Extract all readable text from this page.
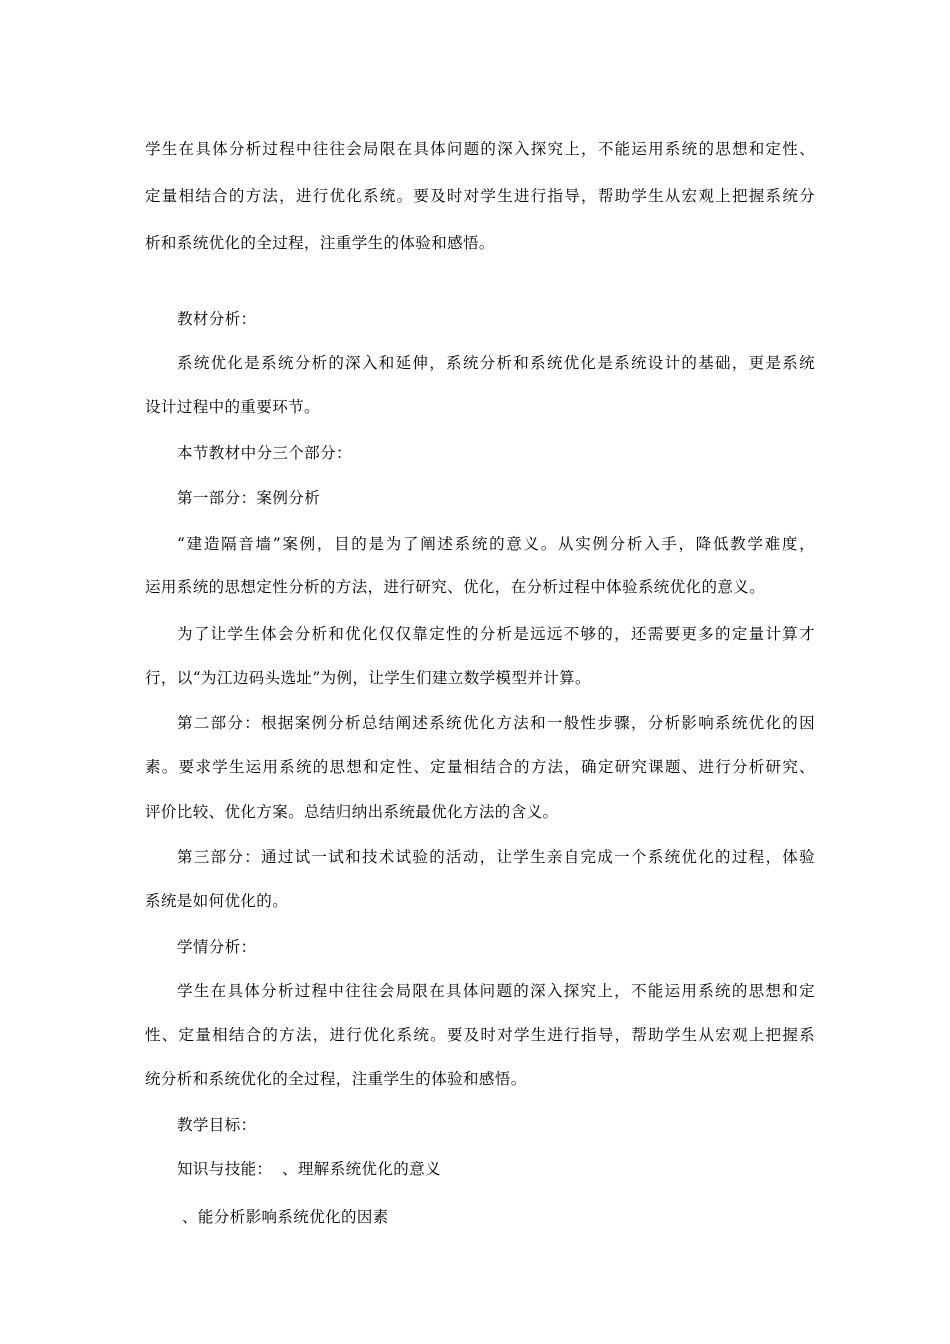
学生在具体分析过程中往往会局限在具体问题的深入探究上，不能运用系统的思想和定性、
定量相结合的方法，进行优化系统。要及时对学生进行指导，帮助学生从宏观上把握系统分
析和系统优化的全过程，注重学生的体验和感悟。
教材分析：
系统优化是系统分析的深入和延伸，系统分析和系统优化是系统设计的基础，更是系统
设计过程中的重要环节。
本节教材中分三个部分：
第一部分：案例分析
“建造隔音墙”案例，目的是为了阐述系统的意义。从实例分析入手，降低教学难度，
运用系统的思想定性分析的方法，进行研究、优化，在分析过程中体验系统优化的意义。
为了让学生体会分析和优化仅仅靠定性的分析是远远不够的，还需要更多的定量计算才
行，以“为江边码头选址”为例，让学生们建立数学模型并计算。
第二部分：根据案例分析总结阐述系统优化方法和一般性步骤，分析影响系统优化的因
素。要求学生运用系统的思想和定性、定量相结合的方法，确定研究课题、进行分析研究、
评价比较、优化方案。总结归纳出系统最优化方法的含义。
第三部分：通过试一试和技术试验的活动，让学生亲自完成一个系统优化的过程，体验
系统是如何优化的。
学情分析：
学生在具体分析过程中往往会局限在具体问题的深入探究上，不能运用系统的思想和定
性、定量相结合的方法，进行优化系统。要及时对学生进行指导，帮助学生从宏观上把握系
统分析和系统优化的全过程，注重学生的体验和感悟。
教学目标：
知识与技能： 、理解系统优化的意义
、能分析影响系统优化的因素
